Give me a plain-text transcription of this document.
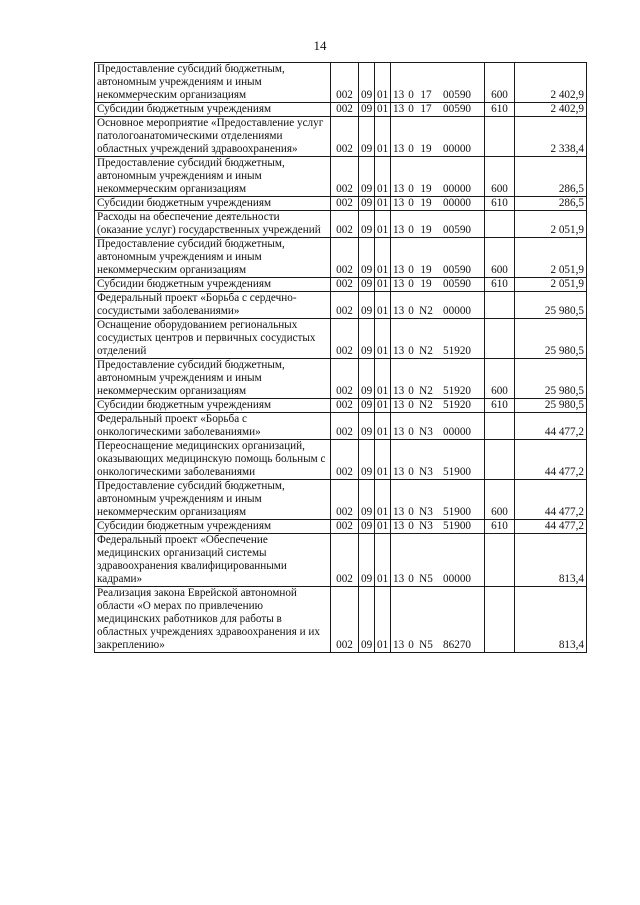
14
Предоставление субсидий бюджетным, автономным учреждениям и иным некоммерческим организациям	002	09	01	13 0 17 00590	600	2 402,9
Субсидии бюджетным учреждениям	002	09	01	13 0 17 00590	610	2 402,9
Основное мероприятие «Предоставление услуг патологоанатомическими отделениями областных учреждений здравоохранения»	002	09	01	13 0 19 00000		2 338,4
Предоставление субсидий бюджетным, автономным учреждениям и иным некоммерческим организациям	002	09	01	13 0 19 00000	600	286,5
Субсидии бюджетным учреждениям	002	09	01	13 0 19 00000	610	286,5
Расходы на обеспечение деятельности (оказание услуг) государственных учреждений	002	09	01	13 0 19 00590		2 051,9
Предоставление субсидий бюджетным, автономным учреждениям и иным некоммерческим организациям	002	09	01	13 0 19 00590	600	2 051,9
Субсидии бюджетным учреждениям	002	09	01	13 0 19 00590	610	2 051,9
Федеральный проект «Борьба с сердечно-сосудистыми заболеваниями»	002	09	01	13 0 N2 00000		25 980,5
Оснащение оборудованием региональных сосудистых центров и первичных сосудистых отделений	002	09	01	13 0 N2 51920		25 980,5
Предоставление субсидий бюджетным, автономным учреждениям и иным некоммерческим организациям	002	09	01	13 0 N2 51920	600	25 980,5
Субсидии бюджетным учреждениям	002	09	01	13 0 N2 51920	610	25 980,5
Федеральный проект «Борьба с онкологическими заболеваниями»	002	09	01	13 0 N3 00000		44 477,2
Переоснащение медицинских организаций, оказывающих медицинскую помощь больным с онкологическими заболеваниями	002	09	01	13 0 N3 51900		44 477,2
Предоставление субсидий бюджетным, автономным учреждениям и иным некоммерческим организациям	002	09	01	13 0 N3 51900	600	44 477,2
Субсидии бюджетным учреждениям	002	09	01	13 0 N3 51900	610	44 477,2
Федеральный проект «Обеспечение медицинских организаций системы здравоохранения квалифицированными кадрами»	002	09	01	13 0 N5 00000		813,4
Реализация закона Еврейской автономной области «О мерах по привлечению медицинских работников для работы в областных учреждениях здравоохранения и их закреплению»	002	09	01	13 0 N5 86270		813,4
